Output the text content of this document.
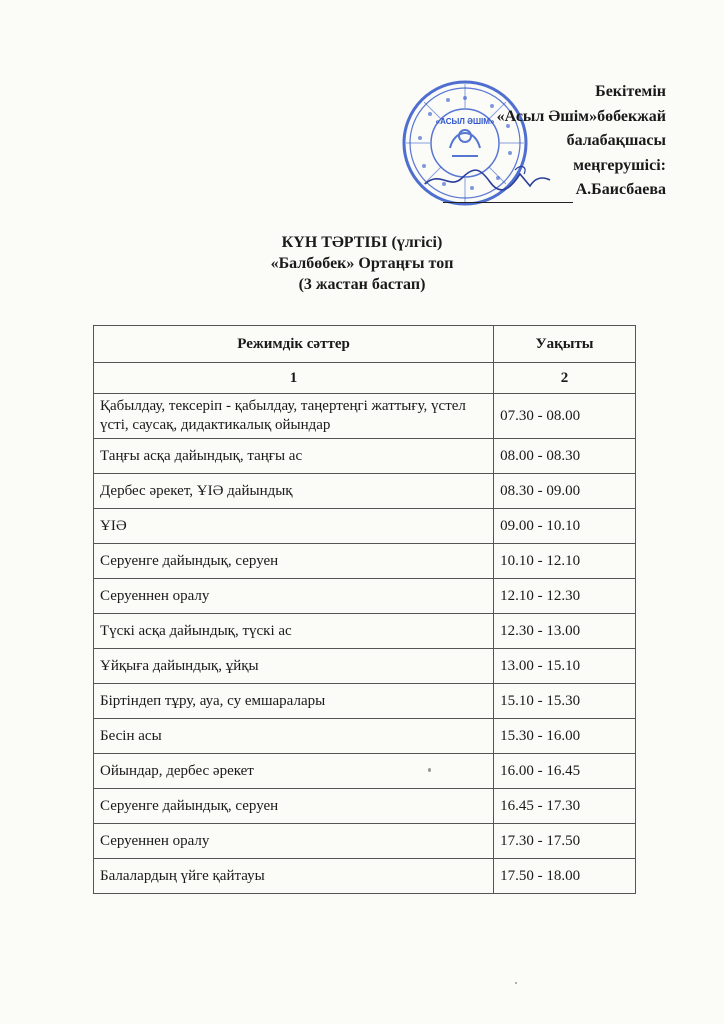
«АСЫЛ ӘШІМ»
Бекітемін
«Асыл Әшім»бөбекжай
балабақшасы
меңгерушісі:
А.Баисбаева
КҮН ТӘРТІБІ (үлгісі)
«Балбөбек» Ортаңғы топ
(3 жастан бастап)
Режимдік сәттер	Уақыты
1	2
Қабылдау, тексеріп - қабылдау, таңертеңгі жаттығу, үстел үсті, саусақ, дидактикалық ойындар	07.30 - 08.00
Таңғы асқа дайындық, таңғы ас	08.00 - 08.30
Дербес әрекет, ҰІӘ дайындық	08.30 - 09.00
ҰІӘ	09.00 - 10.10
Серуенге дайындық, серуен	10.10 - 12.10
Серуеннен оралу	12.10 - 12.30
Түскі асқа дайындық, түскі ас	12.30 - 13.00
Ұйқыға дайындық, ұйқы	13.00 - 15.10
Біртіндеп тұру, ауа, су емшаралары	15.10 - 15.30
Бесін асы	15.30 - 16.00
Ойындар, дербес әрекет	16.00 - 16.45
Серуенге дайындық, серуен	16.45 - 17.30
Серуеннен оралу	17.30 - 17.50
Балалардың үйге қайтауы	17.50 - 18.00
